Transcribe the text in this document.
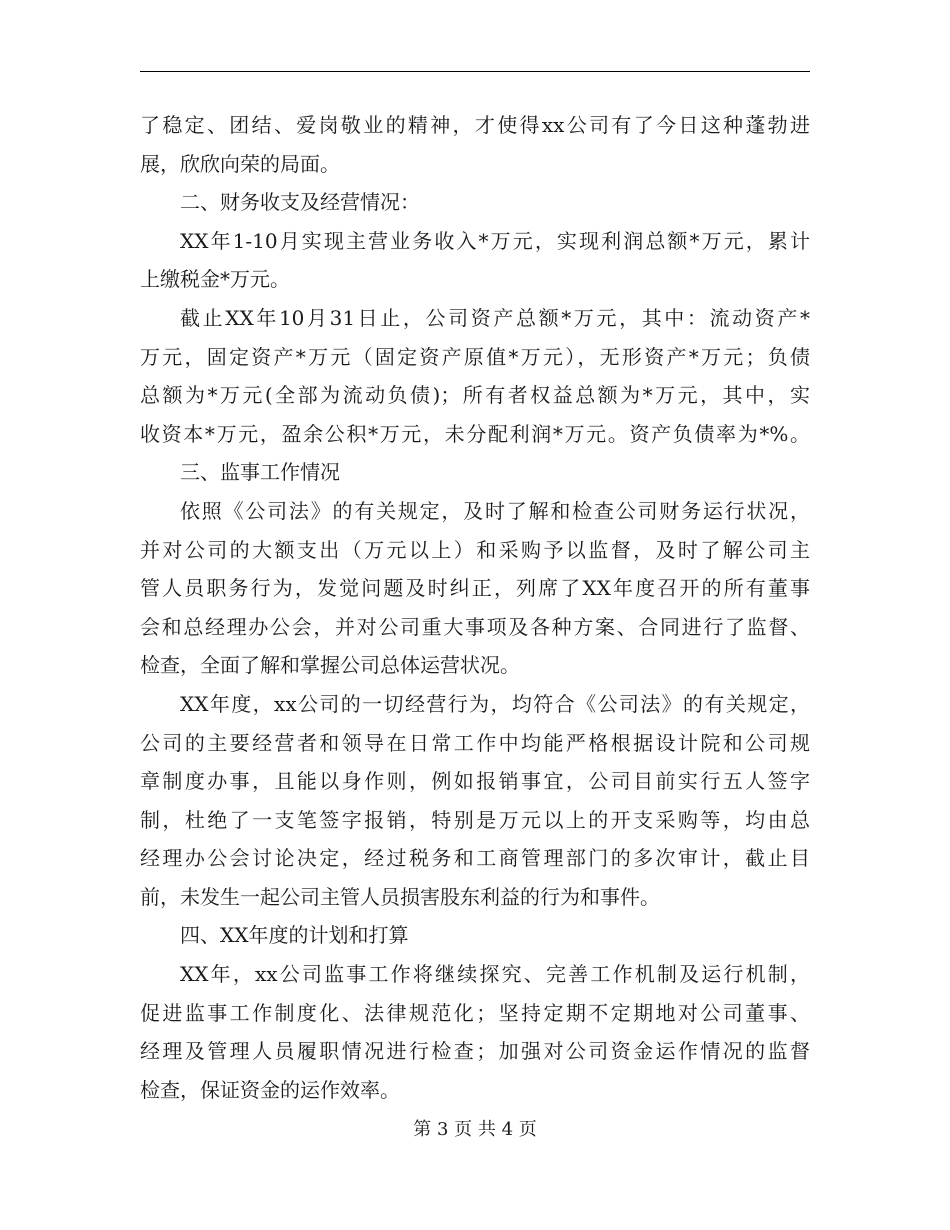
了稳定、团结、爱岗敬业的精神，才使得xx公司有了今日这种蓬勃进
展，欣欣向荣的局面。
二、财务收支及经营情况：
XX年1-10月实现主营业务收入*万元，实现利润总额*万元，累计
上缴税金*万元。
截止XX年10月31日止，公司资产总额*万元，其中：流动资产*
万元，固定资产*万元（固定资产原值*万元），无形资产*万元；负债
总额为*万元(全部为流动负债)；所有者权益总额为*万元，其中，实
收资本*万元，盈余公积*万元，未分配利润*万元。资产负债率为*%。
三、监事工作情况
依照《公司法》的有关规定，及时了解和检查公司财务运行状况，
并对公司的大额支出（万元以上）和采购予以监督，及时了解公司主
管人员职务行为，发觉问题及时纠正，列席了XX年度召开的所有董事
会和总经理办公会，并对公司重大事项及各种方案、合同进行了监督、
检查，全面了解和掌握公司总体运营状况。
XX年度，xx公司的一切经营行为，均符合《公司法》的有关规定，
公司的主要经营者和领导在日常工作中均能严格根据设计院和公司规
章制度办事，且能以身作则，例如报销事宜，公司目前实行五人签字
制，杜绝了一支笔签字报销，特别是万元以上的开支采购等，均由总
经理办公会讨论决定，经过税务和工商管理部门的多次审计，截止目
前，未发生一起公司主管人员损害股东利益的行为和事件。
四、XX年度的计划和打算
XX年，xx公司监事工作将继续探究、完善工作机制及运行机制，
促进监事工作制度化、法律规范化；坚持定期不定期地对公司董事、
经理及管理人员履职情况进行检查；加强对公司资金运作情况的监督
检查，保证资金的运作效率。
第 3 页 共 4 页
